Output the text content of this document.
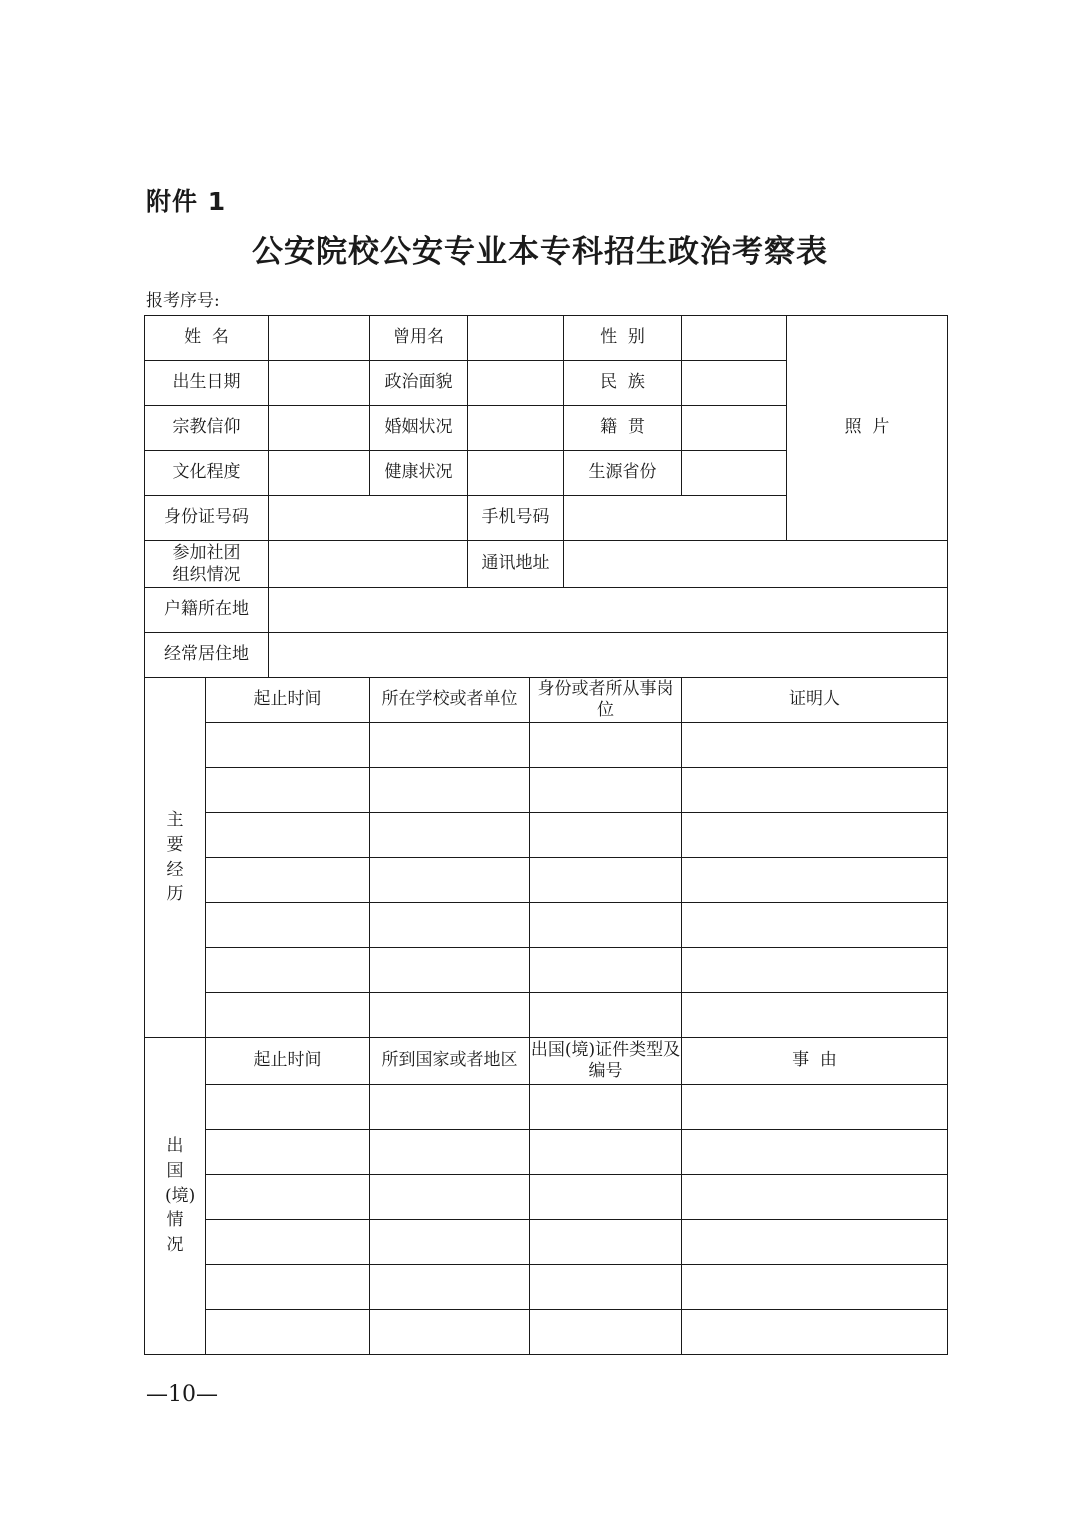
附件 1
公安院校公安专业本专科招生政治考察表
报考序号:
姓  名			曾用名			性  别		照  片
出生日期			政治面貌			民  族		
宗教信仰			婚姻状况			籍  贯		
文化程度			健康状况			生源省份		
身份证号码				手机号码				
参加社团组织情况				通讯地址				
户籍所在地								
经常居住地								
主要经历	起止时间		所在学校或者单位		身份或者所从事岗位		证明人	

出国(境)情况	起止时间		所到国家或者地区		出国(境)证件类型及编号		事  由	

—10—
